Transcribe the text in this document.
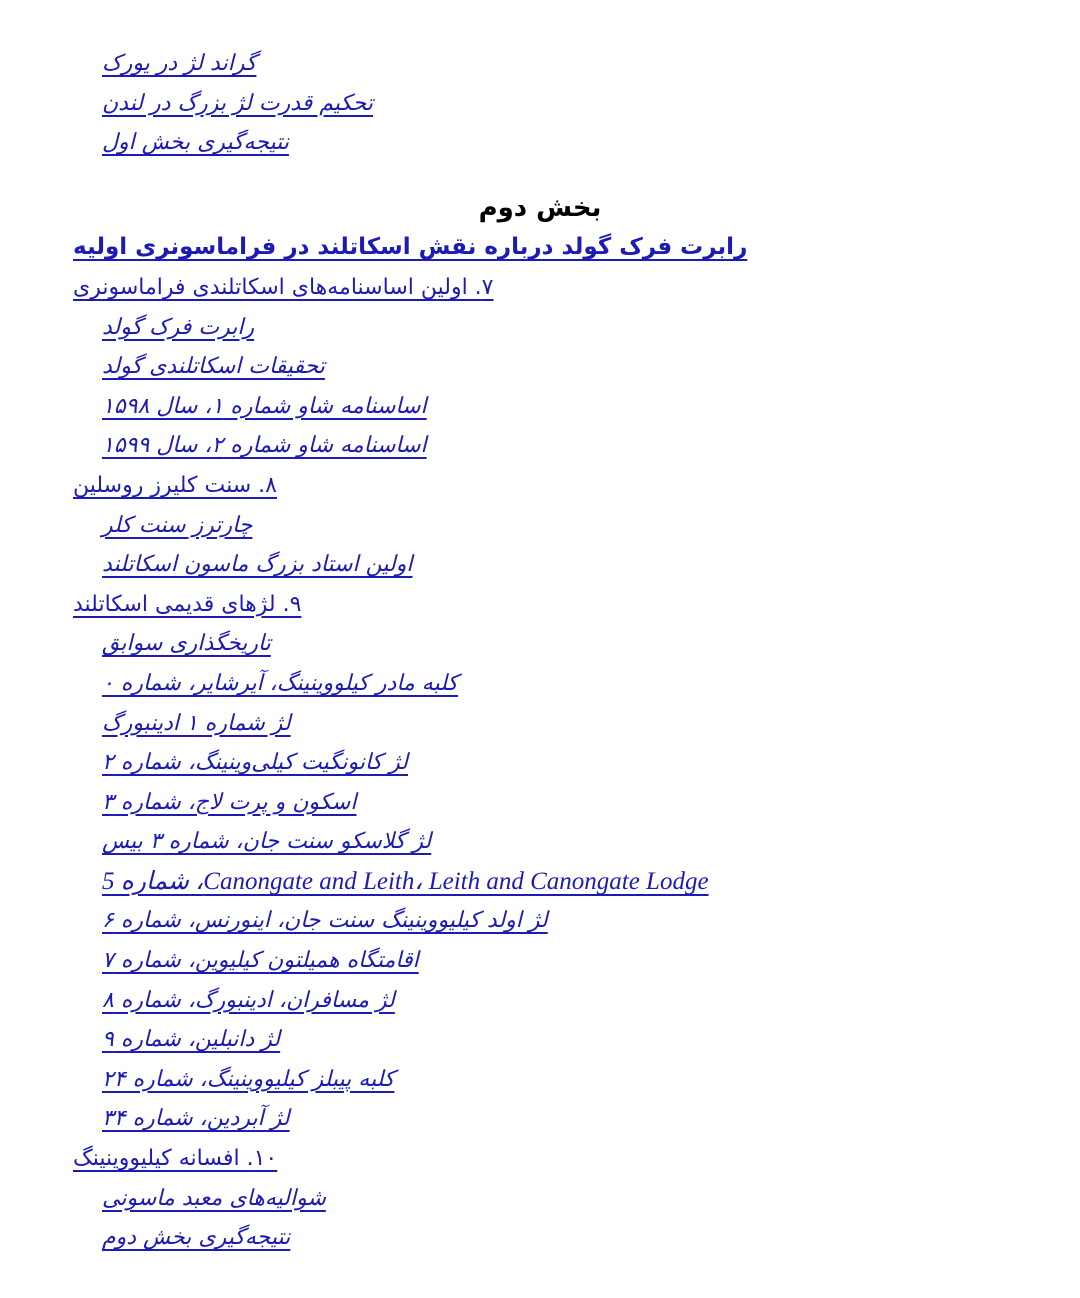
گراند لژ در یورک
تحکیم قدرت لژ بزرگ در لندن
نتیجه‌گیری بخش اول
بخش دوم
رابرت فرک گولد درباره نقش اسکاتلند در فراماسونری اولیه
۷. اولین اساسنامه‌های اسکاتلندی فراماسونری
رابرت فرک گولد
تحقیقات اسکاتلندی گولد
اساسنامه شاو شماره ۱، سال ۱۵۹۸
اساسنامه شاو شماره ۲، سال ۱۵۹۹
۸. سنت کلیرز روسلین
چارترز سنت کلر
اولین استاد بزرگ ماسون اسکاتلند
۹. لژهای قدیمی اسکاتلند
تاریخگذاری سوابق
کلبه مادر کیلووینینگ، آیرشایر، شماره ۰
لژ شماره ۱ ادینبورگ
لژ کانونگیت کیلی‌وینینگ، شماره ۲
اسکون و پرت لاج، شماره ۳
لژ گلاسکو سنت جان، شماره ۳ بیس
Canongate and Leith، Leith and Canongate Lodge، شماره 5
لژ اولد کیلیووینینگ سنت جان، اینورنس، شماره ۶
اقامتگاه همیلتون کیلیوین، شماره ۷
لژ مسافران، ادینبورگ، شماره ۸
لژ دانبلین، شماره ۹
کلبه پیبلز کیلیووینینگ، شماره ۲۴
لژ آبردین، شماره ۳۴
۱۰. افسانه کیلیووینینگ
شوالیه‌های معبد ماسونی
نتیجه‌گیری بخش دوم
